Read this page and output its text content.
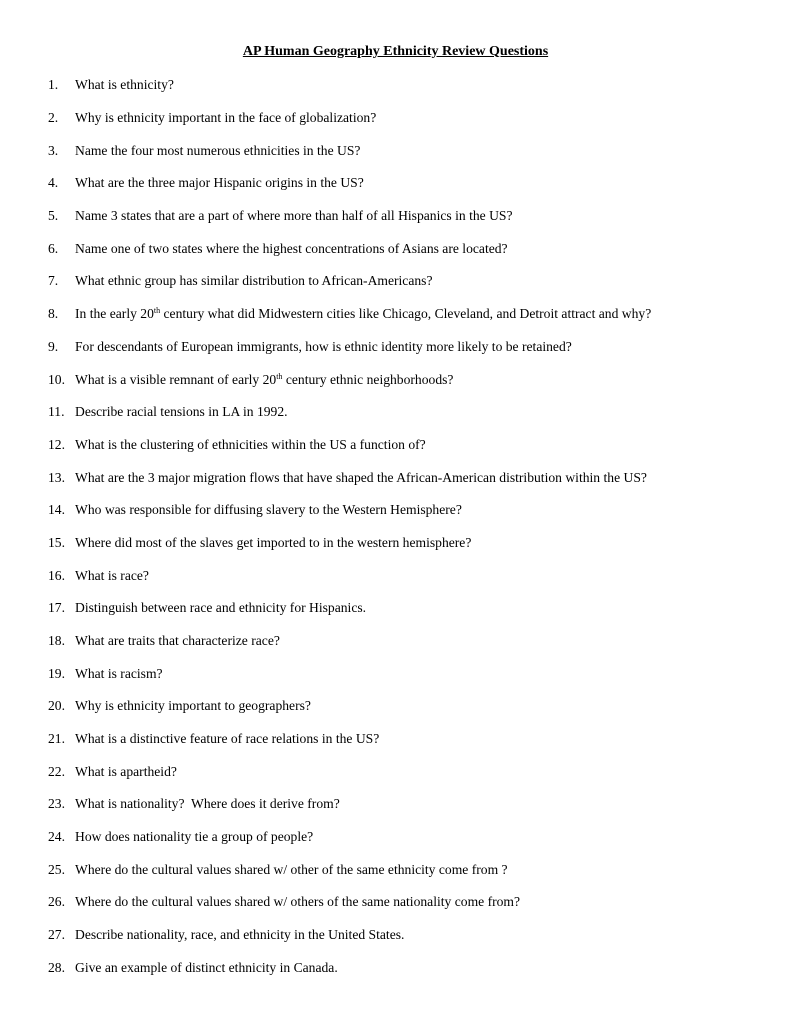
AP Human Geography Ethnicity Review Questions
1. What is ethnicity?
2. Why is ethnicity important in the face of globalization?
3. Name the four most numerous ethnicities in the US?
4. What are the three major Hispanic origins in the US?
5. Name 3 states that are a part of where more than half of all Hispanics in the US?
6. Name one of two states where the highest concentrations of Asians are located?
7. What ethnic group has similar distribution to African-Americans?
8. In the early 20th century what did Midwestern cities like Chicago, Cleveland, and Detroit attract and why?
9. For descendants of European immigrants, how is ethnic identity more likely to be retained?
10. What is a visible remnant of early 20th century ethnic neighborhoods?
11. Describe racial tensions in LA in 1992.
12. What is the clustering of ethnicities within the US a function of?
13. What are the 3 major migration flows that have shaped the African-American distribution within the US?
14. Who was responsible for diffusing slavery to the Western Hemisphere?
15. Where did most of the slaves get imported to in the western hemisphere?
16. What is race?
17. Distinguish between race and ethnicity for Hispanics.
18. What are traits that characterize race?
19. What is racism?
20. Why is ethnicity important to geographers?
21. What is a distinctive feature of race relations in the US?
22. What is apartheid?
23. What is nationality?  Where does it derive from?
24. How does nationality tie a group of people?
25. Where do the cultural values shared w/ other of the same ethnicity come from ?
26. Where do the cultural values shared w/ others of the same nationality come from?
27. Describe nationality, race, and ethnicity in the United States.
28. Give an example of distinct ethnicity in Canada.
